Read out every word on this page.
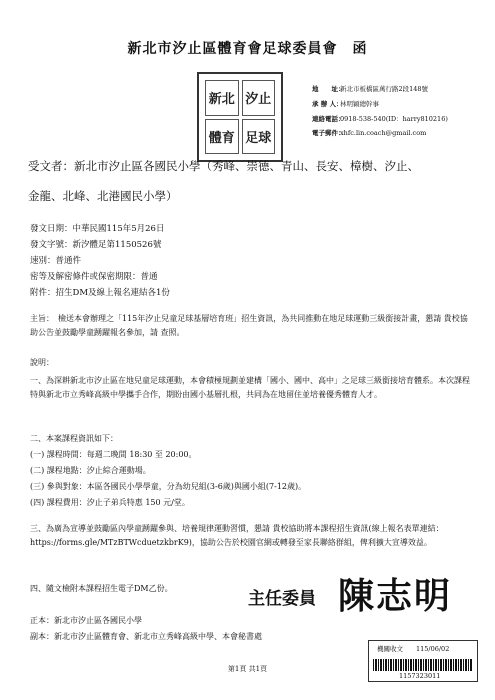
新北市汐止區體育會足球委員會　函
新北 汐止
體育 足球
地　　址：新北市板橋區萬行路2段148號
承 辦 人：林明穎總幹事
連絡電話：0918-538-540(ID：harry810216)
電子郵件：xhfc.lin.coach@gmail.com
受文者：新北市汐止區各國民小學（秀峰、崇德、青山、長安、樟樹、汐止、
金龍、北峰、北港國民小學）
發文日期：中華民國115年5月26日
發文字號：新汐體足第1150526號
速別：普通件
密等及解密條件或保密期限：普通
附件：招生DM及線上報名連結各1份
主旨：　檢送本會辦理之「115年汐止兒童足球基層培育班」招生資訊，為共同推動在地足球運動三級銜接計畫，懇請 貴校協助公告並鼓勵學童踴躍報名參加，請 查照。
說明：
一、為深耕新北市汐止區在地兒童足球運動，本會積極規劃並建構「國小、國中、高中」之足球三級銜接培育體系。本次課程特與新北市立秀峰高級中學攜手合作，期盼由國小基層扎根，共同為在地留住並培養優秀體育人才。
二、本案課程資訊如下：
(一) 課程時間：每週二晚間 18:30 至 20:00。
(二) 課程地點：汐止綜合運動場。
(三) 參與對象：本區各國民小學學童，分為幼兒組(3-6歲)與國小組(7-12歲)。
(四) 課程費用：汐止子弟兵特惠 150 元/堂。
三、為廣為宣導並鼓勵區內學童踴躍參與、培養規律運動習慣，懇請 貴校協助將本課程招生資訊(線上報名表單連結：https://forms.gle/MTzBTWcduetzkbrK9)，協助公告於校園官網或轉發至家長聯絡群組，俾利擴大宣導效益。
四、隨文檢附本課程招生電子DM乙份。
主任委員 陳志明
正本：新北市汐止區各國民小學
副本：新北市汐止區體育會、新北市立秀峰高級中學、本會秘書處
機關收文　　 115/06/02
1157323011
第1頁 共1頁
